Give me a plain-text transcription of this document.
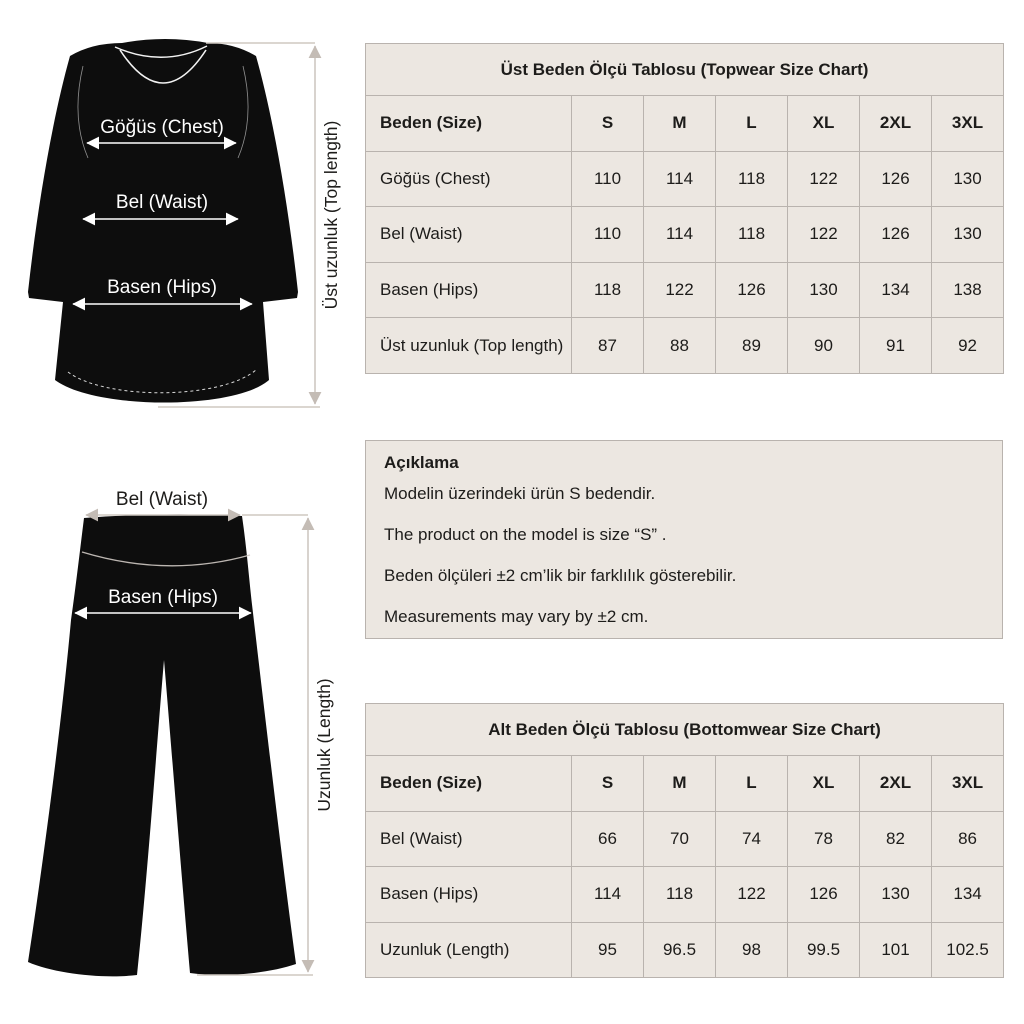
Göğüs (Chest)
Bel (Waist)
Basen (Hips)	Üst uzunluk (Top length)
Bel (Waist)
Basen (Hips)
Uzunluk (Length)
Üst Beden Ölçü Tablosu (Topwear Size Chart)						
Beden (Size)	S	M	L	XL	2XL	3XL
Göğüs (Chest)	110	114	118	122	126	130
Bel (Waist)	110	114	118	122	126	130
Basen (Hips)	118	122	126	130	134	138
Üst uzunluk (Top length)	87	88	89	90	91	92
Açıklama

Modelin üzerindeki ürün S bedendir.

The product on the model is size “S” .

Beden ölçüleri ±2 cm’lik bir farklılık gösterebilir.

Measurements may vary by ±2 cm.

Alt Beden Ölçü Tablosu (Bottomwear Size Chart)						
Beden (Size)	S	M	L	XL	2XL	3XL
Bel (Waist)	66	70	74	78	82	86
Basen (Hips)	114	118	122	126	130	134
Uzunluk (Length)	95	96.5	98	99.5	101	102.5
